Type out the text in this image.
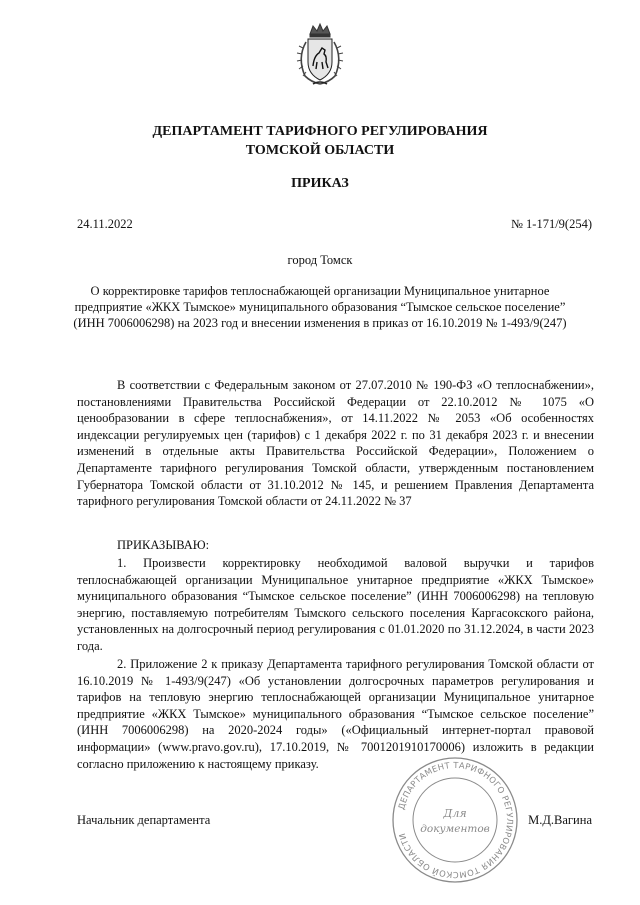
ДЕПАРТАМЕНТ ТАРИФНОГО РЕГУЛИРОВАНИЯ
ТОМСКОЙ ОБЛАСТИ
ПРИКАЗ
24.11.2022	№ 1-171/9(254)
город Томск
О корректировке тарифов теплоснабжающей организации Муниципальное унитарное предприятие «ЖКХ Тымское» муниципального образования “Тымское сельское поселение” (ИНН 7006006298) на 2023 год и внесении изменения в приказ от 16.10.2019 № 1-493/9(247)

В соответствии с Федеральным законом от 27.07.2010 № 190-ФЗ «О теплоснабжении», постановлениями Правительства Российской Федерации от 22.10.2012 № 1075 «О ценообразовании в сфере теплоснабжения», от 14.11.2022 № 2053 «Об особенностях индексации регулируемых цен (тарифов) с 1 декабря 2022 г. по 31 декабря 2023 г. и внесении изменений в отдельные акты Правительства Российской Федерации», Положением о Департаменте тарифного регулирования Томской области, утвержденным постановлением Губернатора Томской области от 31.10.2012 № 145, и решением Правления Департамента тарифного регулирования Томской области от 24.11.2022 № 37

ПРИКАЗЫВАЮ:

1. Произвести корректировку необходимой валовой выручки и тарифов теплоснабжающей организации Муниципальное унитарное предприятие «ЖКХ Тымское» муниципального образования “Тымское сельское поселение” (ИНН 7006006298) на тепловую энергию, поставляемую потребителям Тымского сельского поселения Каргасокского района, установленных на долгосрочный период регулирования с 01.01.2020 по 31.12.2024, в части 2023 года.

2. Приложение 2 к приказу Департамента тарифного регулирования Томской области от 16.10.2019 № 1-493/9(247) «Об установлении долгосрочных параметров регулирования и тарифов на тепловую энергию теплоснабжающей организации Муниципальное унитарное предприятие «ЖКХ Тымское» муниципального образования “Тымское сельское поселение” (ИНН 7006006298) на 2020-2024 годы» («Официальный интернет-портал правовой информации» (www.pravo.gov.ru), 17.10.2019, № 7001201910170006) изложить в редакции согласно приложению к настоящему приказу.

ДЕПАРТАМЕНТ ТАРИФНОГО РЕГУЛИРОВАНИЯ ТОМСКОЙ ОБЛАСТИ
Для
документов
Начальник департамента	М.Д.Вагина
